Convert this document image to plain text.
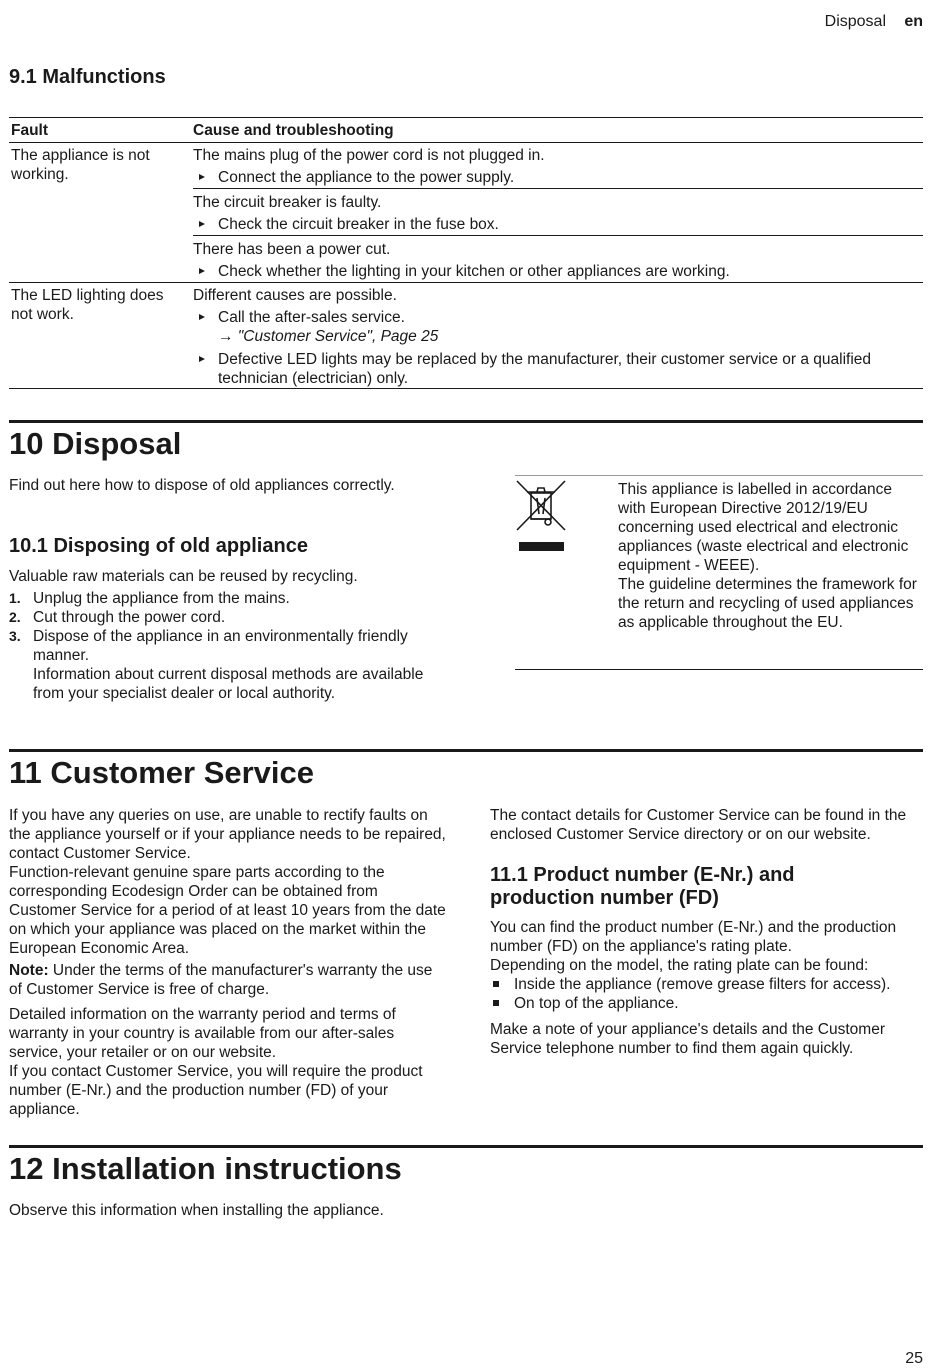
Disposal en
9.1 Malfunctions
Fault	Cause and troubleshooting
The appliance is not working.
The mains plug of the power cord is not plugged in.
Connect the appliance to the power supply.
The circuit breaker is faulty.
Check the circuit breaker in the fuse box.
There has been a power cut.
Check whether the lighting in your kitchen or other appliances are working.
The LED lighting does not work.
Different causes are possible.
Call the after-sales service.
→ "Customer Service", Page 25
Defective LED lights may be replaced by the manufacturer, their customer service or a qualified technician (electrician) only.
10 Disposal
Find out here how to dispose of old appliances correctly.
10.1 Disposing of old appliance
Valuable raw materials can be reused by recycling.
1. Unplug the appliance from the mains.
2. Cut through the power cord.
3. Dispose of the appliance in an environmentally friendly manner.
Information about current disposal methods are available from your specialist dealer or local authority.
This appliance is labelled in accordance with European Directive 2012/19/EU concerning used electrical and electronic appliances (waste electrical and electronic equipment - WEEE).
The guideline determines the framework for the return and recycling of used appliances as applicable throughout the EU.
11 Customer Service
If you have any queries on use, are unable to rectify faults on the appliance yourself or if your appliance needs to be repaired, contact Customer Service.
Function-relevant genuine spare parts according to the corresponding Ecodesign Order can be obtained from Customer Service for a period of at least 10 years from the date on which your appliance was placed on the market within the European Economic Area.
Note: Under the terms of the manufacturer's warranty the use of Customer Service is free of charge.
Detailed information on the warranty period and terms of warranty in your country is available from our after-sales service, your retailer or on our website.
If you contact Customer Service, you will require the product number (E-Nr.) and the production number (FD) of your appliance.
The contact details for Customer Service can be found in the enclosed Customer Service directory or on our website.
11.1 Product number (E-Nr.) and production number (FD)
You can find the product number (E-Nr.) and the production number (FD) on the appliance's rating plate.
Depending on the model, the rating plate can be found:
Inside the appliance (remove grease filters for access).
On top of the appliance.
Make a note of your appliance's details and the Customer Service telephone number to find them again quickly.
12 Installation instructions
Observe this information when installing the appliance.
25
